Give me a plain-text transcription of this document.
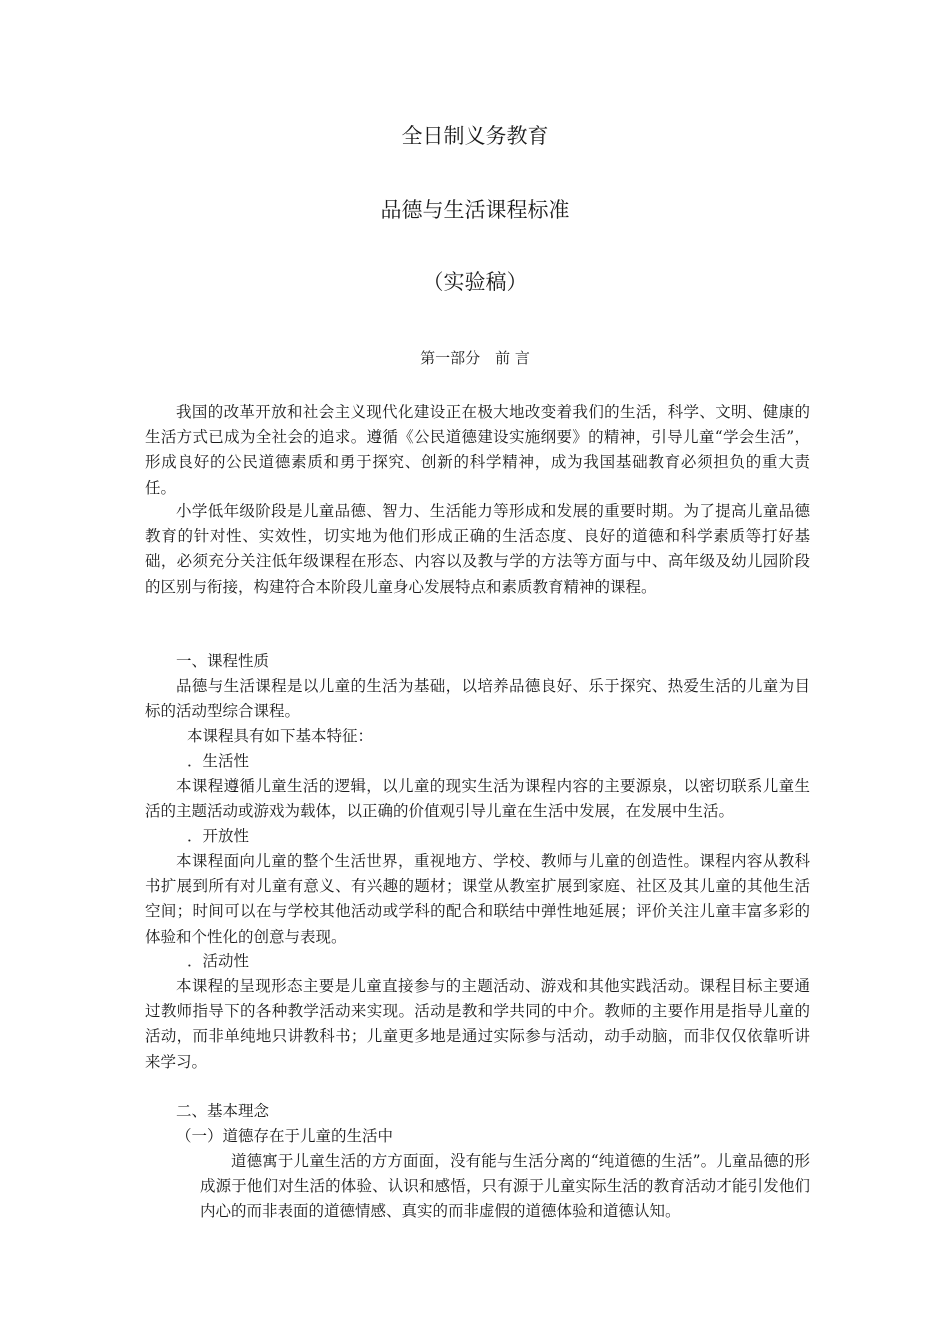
全日制义务教育
品德与生活课程标准
（实验稿）
第一部分　前 言

我国的改革开放和社会主义现代化建设正在极大地改变着我们的生活，科学、文明、健康的生活方式已成为全社会的追求。遵循《公民道德建设实施纲要》的精神，引导儿童“学会生活”，形成良好的公民道德素质和勇于探究、创新的科学精神，成为我国基础教育必须担负的重大责任。

小学低年级阶段是儿童品德、智力、生活能力等形成和发展的重要时期。为了提高儿童品德教育的针对性、实效性，切实地为他们形成正确的生活态度、良好的道德和科学素质等打好基础，必须充分关注低年级课程在形态、内容以及教与学的方法等方面与中、高年级及幼儿园阶段的区别与衔接，构建符合本阶段儿童身心发展特点和素质教育精神的课程。

一、课程性质

品德与生活课程是以儿童的生活为基础，以培养品德良好、乐于探究、热爱生活的儿童为目标的活动型综合课程。

本课程具有如下基本特征：

．生活性

本课程遵循儿童生活的逻辑，以儿童的现实生活为课程内容的主要源泉，以密切联系儿童生活的主题活动或游戏为载体，以正确的价值观引导儿童在生活中发展，在发展中生活。

．开放性

本课程面向儿童的整个生活世界，重视地方、学校、教师与儿童的创造性。课程内容从教科书扩展到所有对儿童有意义、有兴趣的题材；课堂从教室扩展到家庭、社区及其儿童的其他生活空间；时间可以在与学校其他活动或学科的配合和联结中弹性地延展；评价关注儿童丰富多彩的体验和个性化的创意与表现。

．活动性

本课程的呈现形态主要是儿童直接参与的主题活动、游戏和其他实践活动。课程目标主要通过教师指导下的各种教学活动来实现。活动是教和学共同的中介。教师的主要作用是指导儿童的活动，而非单纯地只讲教科书；儿童更多地是通过实际参与活动，动手动脑，而非仅仅依靠听讲来学习。

二、基本理念

（一）道德存在于儿童的生活中

道德寓于儿童生活的方方面面，没有能与生活分离的“纯道德的生活”。儿童品德的形成源于他们对生活的体验、认识和感悟，只有源于儿童实际生活的教育活动才能引发他们内心的而非表面的道德情感、真实的而非虚假的道德体验和道德认知。
